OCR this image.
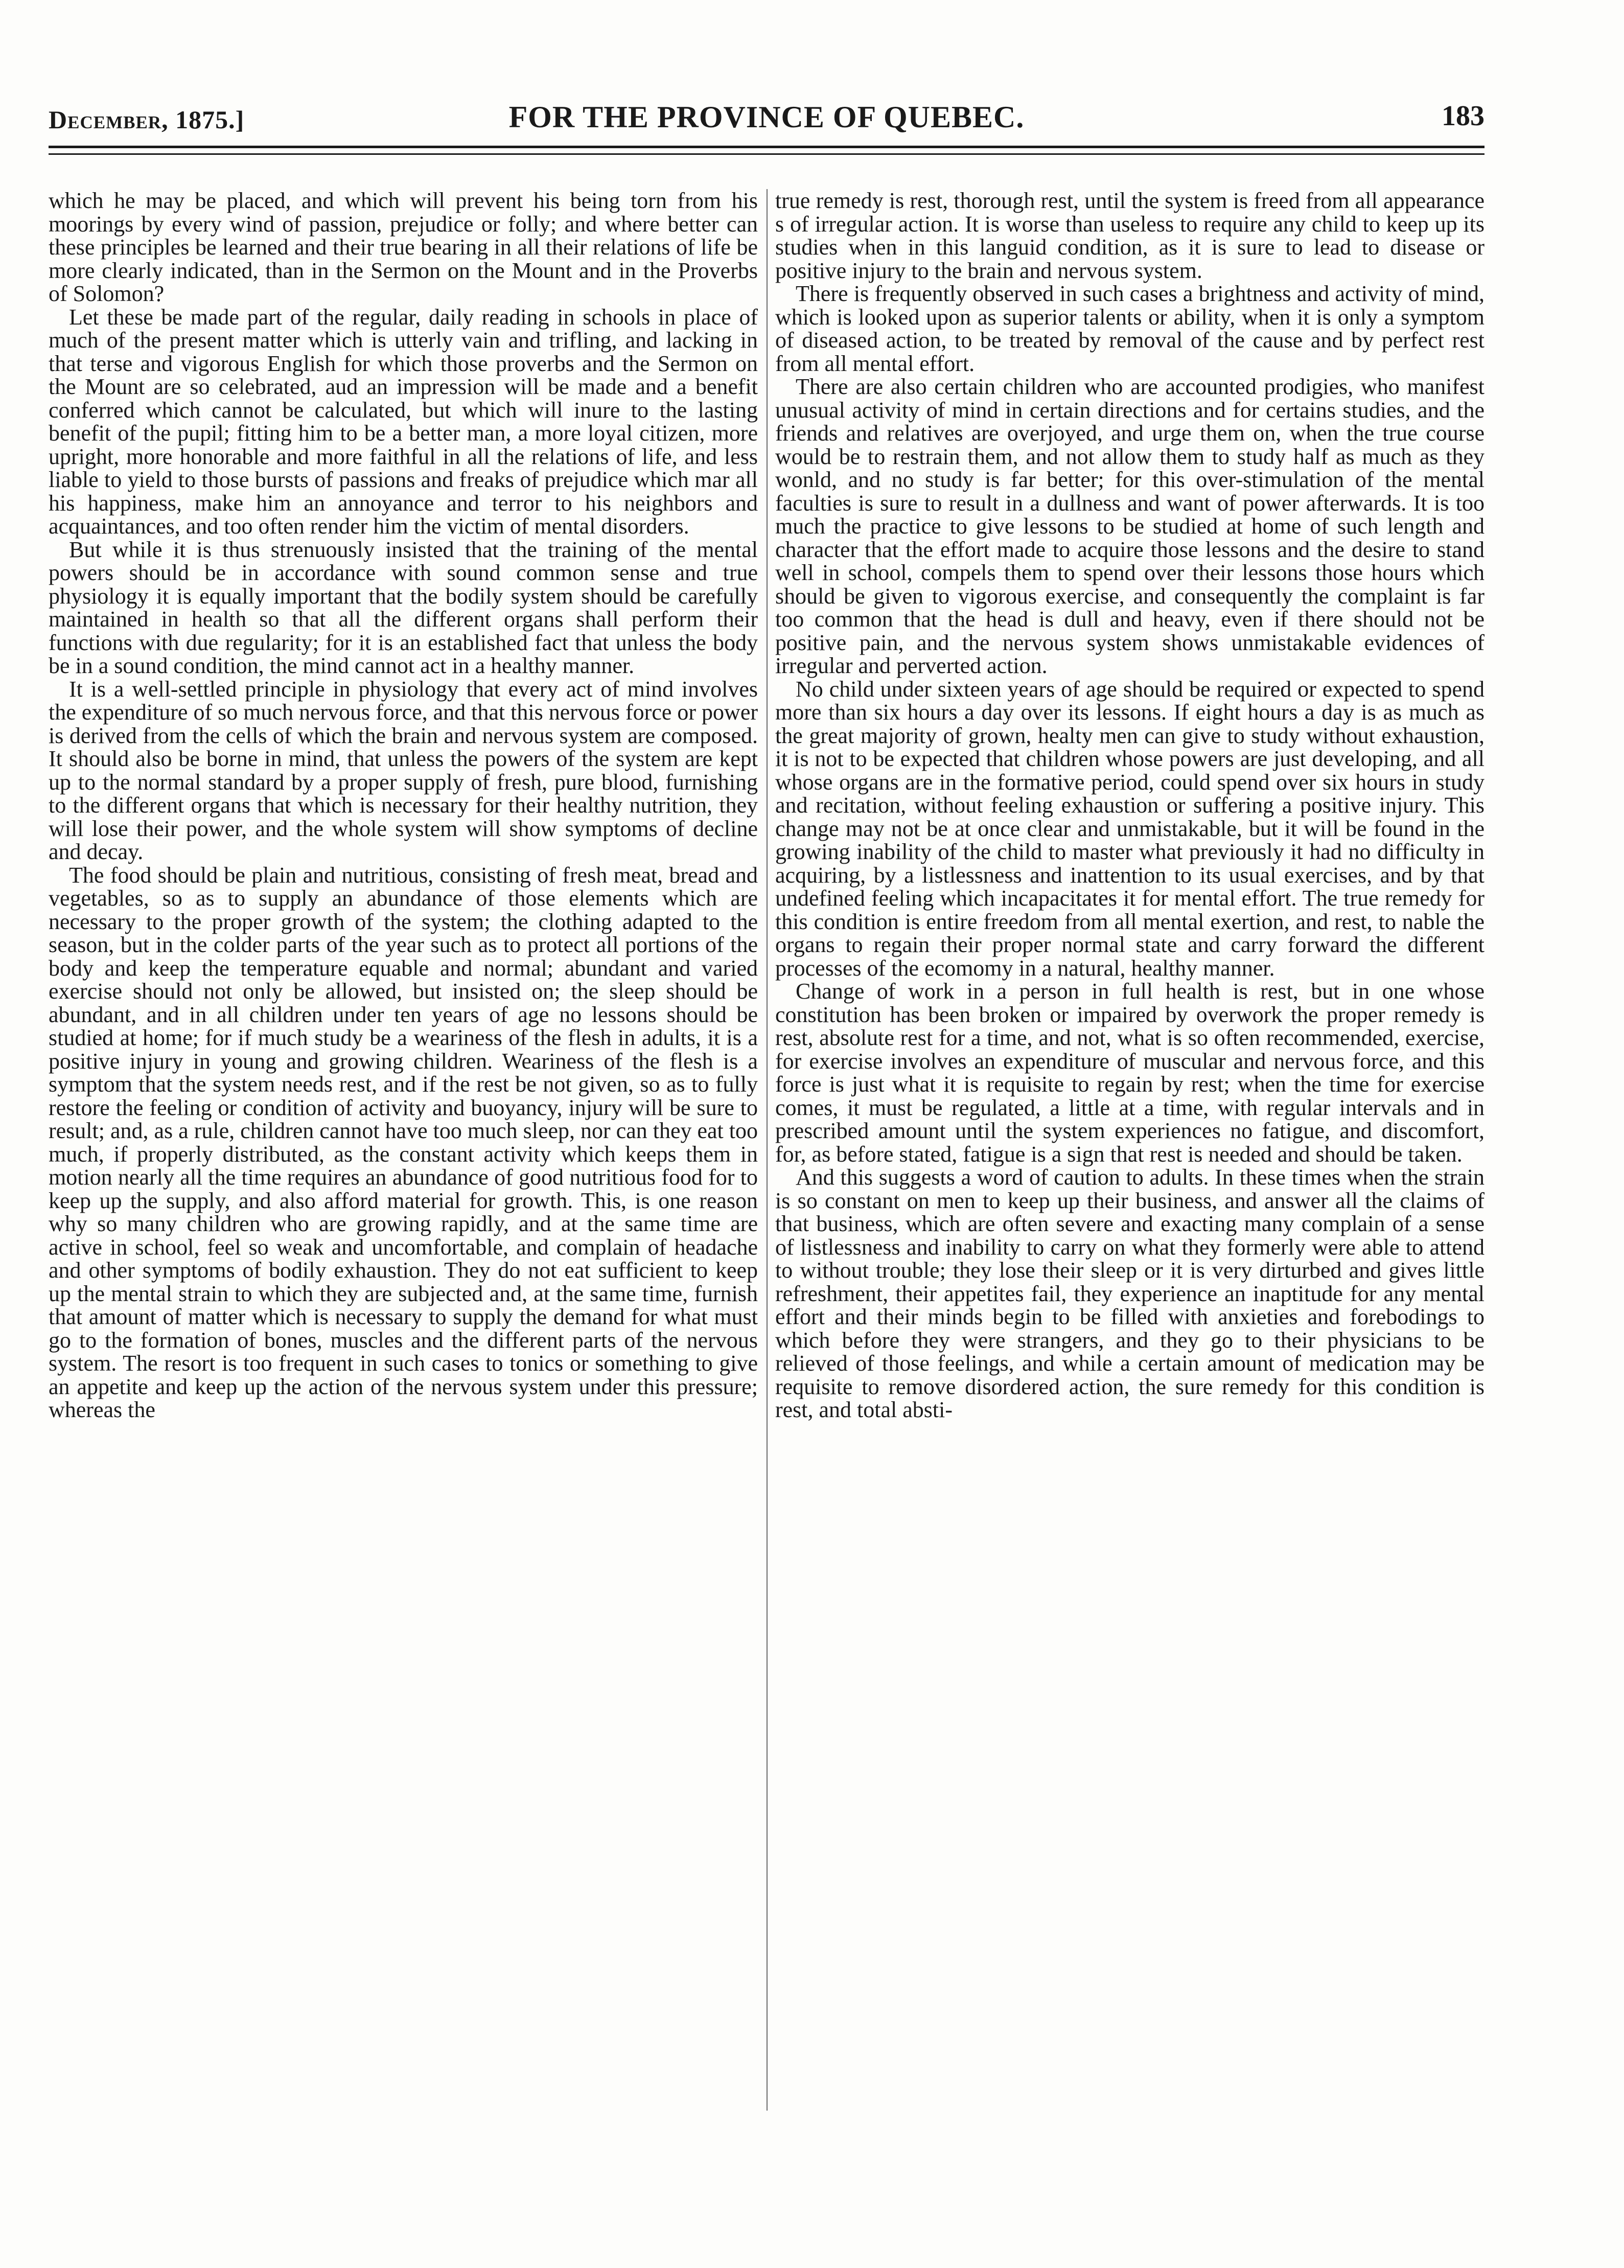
December, 1875.]	FOR THE PROVINCE OF QUEBEC.	183

which he may be placed, and which will prevent his being torn from his moorings by every wind of passion, prejudice or folly; and where better can these principles be learned and their true bearing in all their relations of life be more clearly indicated, than in the Sermon on the Mount and in the Proverbs of Solomon?

Let these be made part of the regular, daily reading in schools in place of much of the present matter which is utterly vain and trifling, and lacking in that terse and vigorous English for which those proverbs and the Sermon on the Mount are so celebrated, aud an impression will be made and a benefit conferred which cannot be calculated, but which will inure to the lasting benefit of the pupil; fitting him to be a better man, a more loyal citizen, more upright, more honorable and more faithful in all the relations of life, and less liable to yield to those bursts of passions and freaks of prejudice which mar all his happiness, make him an annoyance and terror to his neighbors and acquaintances, and too often render him the victim of mental disorders.

But while it is thus strenuously insisted that the training of the mental powers should be in accordance with sound common sense and true physiology it is equally important that the bodily system should be carefully maintained in health so that all the different organs shall perform their functions with due regularity; for it is an established fact that unless the body be in a sound condition, the mind cannot act in a healthy manner.

It is a well-settled principle in physiology that every act of mind involves the expenditure of so much nervous force, and that this nervous force or power is derived from the cells of which the brain and nervous system are composed. It should also be borne in mind, that unless the powers of the system are kept up to the normal standard by a proper supply of fresh, pure blood, furnishing to the different organs that which is necessary for their healthy nutrition, they will lose their power, and the whole system will show symptoms of decline and decay.

The food should be plain and nutritious, consisting of fresh meat, bread and vegetables, so as to supply an abundance of those elements which are necessary to the proper growth of the system; the clothing adapted to the season, but in the colder parts of the year such as to protect all portions of the body and keep the temperature equable and normal; abundant and varied exercise should not only be allowed, but insisted on; the sleep should be abundant, and in all children under ten years of age no lessons should be studied at home; for if much study be a weariness of the flesh in adults, it is a positive injury in young and growing children. Weariness of the flesh is a symptom that the system needs rest, and if the rest be not given, so as to fully restore the feeling or condition of activity and buoyancy, injury will be sure to result; and, as a rule, children cannot have too much sleep, nor can they eat too much, if properly distributed, as the constant activity which keeps them in motion nearly all the time requires an abundance of good nutritious food for to keep up the supply, and also afford material for growth. This, is one reason why so many children who are growing rapidly, and at the same time are active in school, feel so weak and uncomfortable, and complain of headache and other symptoms of bodily exhaustion. They do not eat sufficient to keep up the mental strain to which they are subjected and, at the same time, furnish that amount of matter which is necessary to supply the demand for what must go to the formation of bones, muscles and the different parts of the nervous system. The resort is too frequent in such cases to tonics or something to give an appetite and keep up the action of the nervous system under this pressure; whereas the

true remedy is rest, thorough rest, until the system is freed from all appearance s of irregular action. It is worse than useless to require any child to keep up its studies when in this languid condition, as it is sure to lead to disease or positive injury to the brain and nervous system.

There is frequently observed in such cases a brightness and activity of mind, which is looked upon as superior talents or ability, when it is only a symptom of diseased action, to be treated by removal of the cause and by perfect rest from all mental effort.

There are also certain children who are accounted prodigies, who manifest unusual activity of mind in certain directions and for certains studies, and the friends and relatives are overjoyed, and urge them on, when the true course would be to restrain them, and not allow them to study half as much as they wonld, and no study is far better; for this over-stimulation of the mental faculties is sure to result in a dullness and want of power afterwards. It is too much the practice to give lessons to be studied at home of such length and character that the effort made to acquire those lessons and the desire to stand well in school, compels them to spend over their lessons those hours which should be given to vigorous exercise, and consequently the complaint is far too common that the head is dull and heavy, even if there should not be positive pain, and the nervous system shows unmistakable evidences of irregular and perverted action.

No child under sixteen years of age should be required or expected to spend more than six hours a day over its lessons. If eight hours a day is as much as the great majority of grown, healty men can give to study without exhaustion, it is not to be expected that children whose powers are just developing, and all whose organs are in the formative period, could spend over six hours in study and recitation, without feeling exhaustion or suffering a positive injury. This change may not be at once clear and unmistakable, but it will be found in the growing inability of the child to master what previously it had no difficulty in acquiring, by a listlessness and inattention to its usual exercises, and by that undefined feeling which incapacitates it for mental effort. The true remedy for this condition is entire freedom from all mental exertion, and rest, to nable the organs to regain their proper normal state and carry forward the different processes of the ecomomy in a natural, healthy manner.

Change of work in a person in full health is rest, but in one whose constitution has been broken or impaired by overwork the proper remedy is rest, absolute rest for a time, and not, what is so often recommended, exercise, for exercise involves an expenditure of muscular and nervous force, and this force is just what it is requisite to regain by rest; when the time for exercise comes, it must be regulated, a little at a time, with regular intervals and in prescribed amount until the system experiences no fatigue, and discomfort, for, as before stated, fatigue is a sign that rest is needed and should be taken.

And this suggests a word of caution to adults. In these times when the strain is so constant on men to keep up their business, and answer all the claims of that business, which are often severe and exacting many complain of a sense of listlessness and inability to carry on what they formerly were able to attend to without trouble; they lose their sleep or it is very dirturbed and gives little refreshment, their appetites fail, they experience an inaptitude for any mental effort and their minds begin to be filled with anxieties and forebodings to which before they were strangers, and they go to their physicians to be relieved of those feelings, and while a certain amount of medication may be requisite to remove disordered action, the sure remedy for this condition is rest, and total absti-
